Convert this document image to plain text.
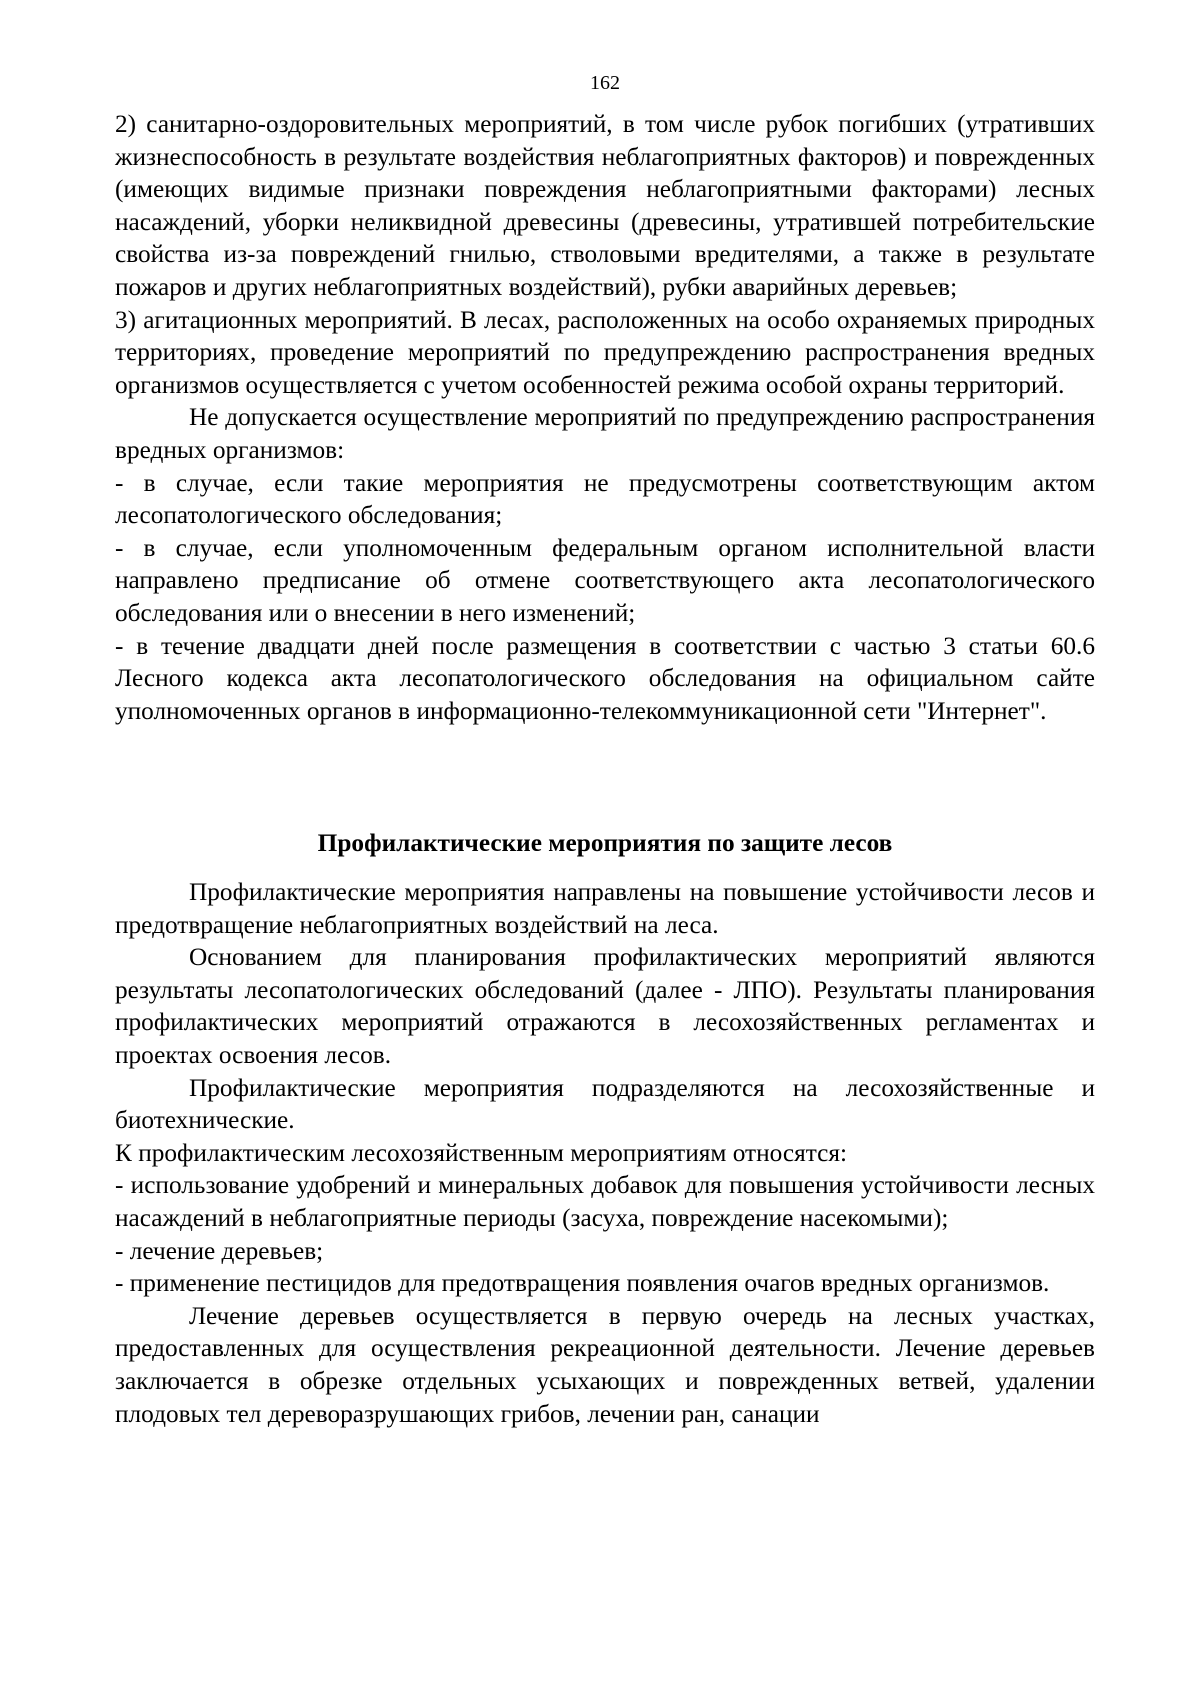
162

2) санитарно-оздоровительных мероприятий, в том числе рубок погибших (утративших жизнеспособность в результате воздействия неблагоприятных факторов) и поврежденных (имеющих видимые признаки повреждения неблагоприятными факторами) лесных насаждений, уборки неликвидной древесины (древесины, утратившей потребительские свойства из-за повреждений гнилью, стволовыми вредителями, а также в результате пожаров и других неблагоприятных воздействий), рубки аварийных деревьев;

3) агитационных мероприятий. В лесах, расположенных на особо охраняемых природных территориях, проведение мероприятий по предупреждению распространения вредных организмов осуществляется с учетом особенностей режима особой охраны территорий.

Не допускается осуществление мероприятий по предупреждению распространения вредных организмов:

- в случае, если такие мероприятия не предусмотрены соответствующим актом лесопатологического обследования;

- в случае, если уполномоченным федеральным органом исполнительной власти направлено предписание об отмене соответствующего акта лесопатологического обследования или о внесении в него изменений;

- в течение двадцати дней после размещения в соответствии с частью 3 статьи 60.6 Лесного кодекса акта лесопатологического обследования на официальном сайте уполномоченных органов в информационно-телекоммуникационной сети "Интернет".

Профилактические мероприятия по защите лесов

Профилактические мероприятия направлены на повышение устойчивости лесов и предотвращение неблагоприятных воздействий на леса.

Основанием для планирования профилактических мероприятий являются результаты лесопатологических обследований (далее - ЛПО). Результаты планирования профилактических мероприятий отражаются в лесохозяйственных регламентах и проектах освоения лесов.

Профилактические мероприятия подразделяются на лесохозяйственные и биотехнические.

К профилактическим лесохозяйственным мероприятиям относятся:

- использование удобрений и минеральных добавок для повышения устойчивости лесных насаждений в неблагоприятные периоды (засуха, повреждение насекомыми);

- лечение деревьев;

- применение пестицидов для предотвращения появления очагов вредных организмов.

Лечение деревьев осуществляется в первую очередь на лесных участках, предоставленных для осуществления рекреационной деятельности. Лечение деревьев заключается в обрезке отдельных усыхающих и поврежденных ветвей, удалении плодовых тел дереворазрушающих грибов, лечении ран, санации
